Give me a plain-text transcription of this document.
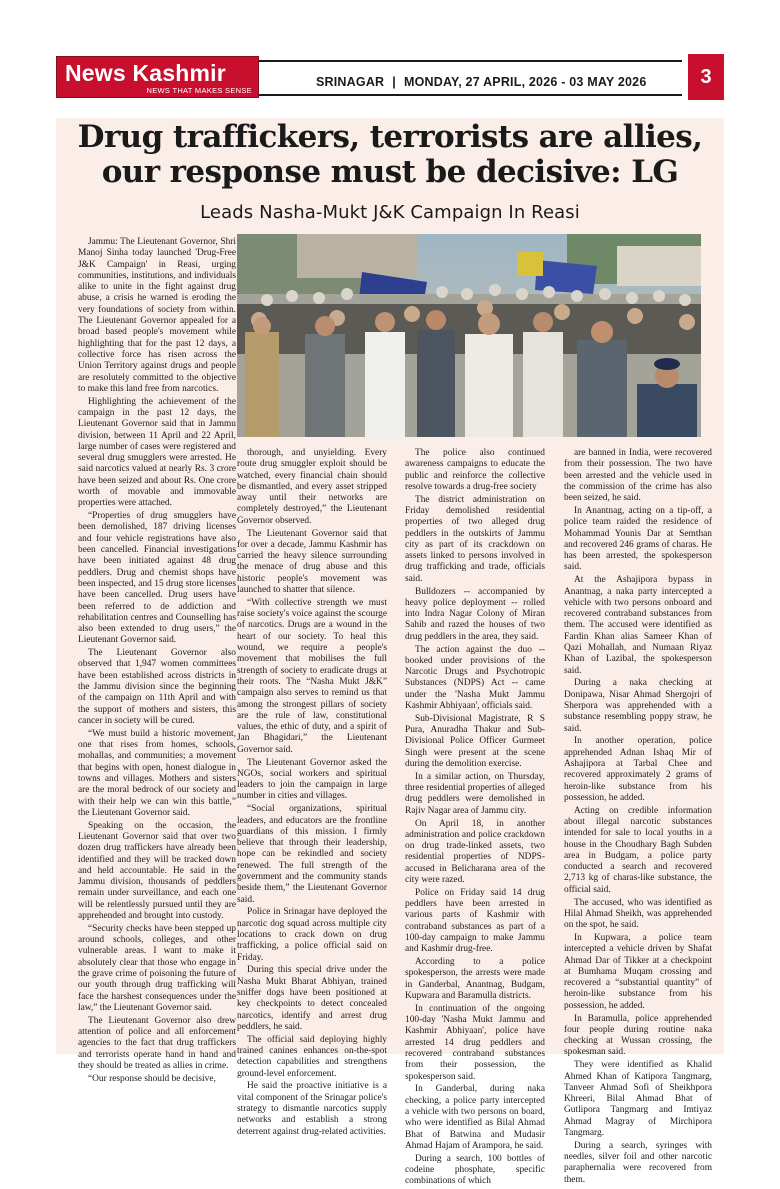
News Kashmir
NEWS THAT MAKES SENSE
SRINAGAR | MONDAY, 27 APRIL, 2026 - 03 MAY 2026	3
Drug traffickers, terrorists are allies, our response must be decisive: LG
Leads Nasha-Mukt J&K Campaign In Reasi

Jammu: The Lieutenant Governor, Shri Manoj Sinha today launched 'Drug-Free J&K Campaign' in Reasi, urging communities, institutions, and individuals alike to unite in the fight against drug abuse, a crisis he warned is eroding the very foundations of society from within. The Lieutenant Governor appealed for a broad based people's movement while highlighting that for the past 12 days, a collective force has risen across the Union Territory against drugs and people are resolutely committed to the objective to make this land free from narcotics.

Highlighting the achievement of the campaign in the past 12 days, the Lieutenant Governor said that in Jammu division, between 11 April and 22 April, large number of cases were registered and several drug smugglers were arrested. He said narcotics valued at nearly Rs. 3 crore have been seized and about Rs. One crore worth of movable and immovable properties were attached.

“Properties of drug smugglers have been demolished, 187 driving licenses and four vehicle registrations have also been cancelled. Financial investigations have been initiated against 48 drug peddlers. Drug and chemist shops have been inspected, and 15 drug store licenses have been cancelled. Drug users have been referred to de addiction and rehabilitation centres and Counselling has also been extended to drug users,” the Lieutenant Governor said.

The Lieutenant Governor also observed that 1,947 women committees have been established across districts in the Jammu division since the beginning of the campaign on 11th April and with the support of mothers and sisters, this cancer in society will be cured.

“We must build a historic movement, one that rises from homes, schools, mohallas, and communities; a movement that begins with open, honest dialogue in towns and villages. Mothers and sisters are the moral bedrock of our society and with their help we can win this battle,” the Lieutenant Governor said.

Speaking on the occasion, the Lieutenant Governor said that over two dozen drug traffickers have already been identified and they will be tracked down and held accountable. He said in the Jammu division, thousands of peddlers remain under surveillance, and each one will be relentlessly pursued until they are apprehended and brought into custody.

“Security checks have been stepped up around schools, colleges, and other vulnerable areas. I want to make it absolutely clear that those who engage in the grave crime of poisoning the future of our youth through drug trafficking will face the harshest consequences under the law,” the Lieutenant Governor said.

The Lieutenant Governor also drew attention of police and all enforcement agencies to the fact that drug traffickers and terrorists operate hand in hand and they should be treated as allies in crime.

“Our response should be decisive,

thorough, and unyielding. Every route drug smuggler exploit should be watched, every financial chain should be dismantled, and every asset stripped away until their networks are completely destroyed,” the Lieutenant Governor observed.

The Lieutenant Governor said that for over a decade, Jammu Kashmir has carried the heavy silence surrounding the menace of drug abuse and this historic people's movement was launched to shatter that silence.

“With collective strength we must raise society's voice against the scourge of narcotics. Drugs are a wound in the heart of our society. To heal this wound, we require a people's movement that mobilises the full strength of society to eradicate drugs at their roots. The “Nasha Mukt J&K” campaign also serves to remind us that among the strongest pillars of society are the rule of law, constitutional values, the ethic of duty, and a spirit of Jan Bhagidari,” the Lieutenant Governor said.

The Lieutenant Governor asked the NGOs, social workers and spiritual leaders to join the campaign in large number in cities and villages.

“Social organizations, spiritual leaders, and educators are the frontline guardians of this mission. I firmly believe that through their leadership, hope can be rekindled and society renewed. The full strength of the government and the community stands beside them,” the Lieutenant Governor said.

Police in Srinagar have deployed the narcotic dog squad across multiple city locations to crack down on drug trafficking, a police official said on Friday.

During this special drive under the Nasha Mukt Bharat Abhiyan, trained sniffer dogs have been positioned at key checkpoints to detect concealed narcotics, identify and arrest drug peddlers, he said.

The official said deploying highly trained canines enhances on-the-spot detection capabilities and strengthens ground-level enforcement.

He said the proactive initiative is a vital component of the Srinagar police's strategy to dismantle narcotics supply networks and establish a strong deterrent against drug-related activities.

The police also continued awareness campaigns to educate the public and reinforce the collective resolve towards a drug-free society

The district administration on Friday demolished residential properties of two alleged drug peddlers in the outskirts of Jammu city as part of its crackdown on assets linked to persons involved in drug trafficking and trade, officials said.

Bulldozers -- accompanied by heavy police deployment -- rolled into Indra Nagar Colony of Miran Sahib and razed the houses of two drug peddlers in the area, they said.

The action against the duo -- booked under provisions of the Narcotic Drugs and Psychotropic Substances (NDPS) Act -- came under the 'Nasha Mukt Jammu Kashmir Abhiyaan', officials said.

Sub-Divisional Magistrate, R S Pura, Anuradha Thakur and Sub-Divisional Police Officer Gurmeet Singh were present at the scene during the demolition exercise.

In a similar action, on Thursday, three residential properties of alleged drug peddlers were demolished in Rajiv Nagar area of Jammu city.

On April 18, in another administration and police crackdown on drug trade-linked assets, two residential properties of NDPS-accused in Belicharana area of the city were razed.

Police on Friday said 14 drug peddlers have been arrested in various parts of Kashmir with contraband substances as part of a 100-day campaign to make Jammu and Kashmir drug-free.

According to a police spokesperson, the arrests were made in Ganderbal, Anantnag, Budgam, Kupwara and Baramulla districts.

In continuation of the ongoing 100-day 'Nasha Mukt Jammu and Kashmir Abhiyaan', police have arrested 14 drug peddlers and recovered contraband substances from their possession, the spokesperson said.

In Ganderbal, during naka checking, a police party intercepted a vehicle with two persons on board, who were identified as Bilal Ahmad Bhat of Batwina and Mudasir Ahmad Hajam of Arampora, he said.

During a search, 100 bottles of codeine phosphate, specific combinations of which

are banned in India, were recovered from their possession. The two have been arrested and the vehicle used in the commission of the crime has also been seized, he said.

In Anantnag, acting on a tip-off, a police team raided the residence of Mohammad Younis Dar at Semthan and recovered 246 grams of charas. He has been arrested, the spokesperson said.

At the Ashajipora bypass in Anantnag, a naka party intercepted a vehicle with two persons onboard and recovered contraband substances from them. The accused were identified as Fardin Khan alias Sameer Khan of Qazi Mohallah, and Numaan Riyaz Khan of Lazibal, the spokesperson said.

During a naka checking at Donipawa, Nisar Ahmad Shergojri of Sherpora was apprehended with a substance resembling poppy straw, he said.

In another operation, police apprehended Adnan Ishaq Mir of Ashajipora at Tarbal Chee and recovered approximately 2 grams of heroin-like substance from his possession, he added.

Acting on credible information about illegal narcotic substances intended for sale to local youths in a house in the Choudhary Bagh Subden area in Budgam, a police party conducted a search and recovered 2,713 kg of charas-like substance, the official said.

The accused, who was identified as Hilal Ahmad Sheikh, was apprehended on the spot, he said.

In Kupwara, a police team intercepted a vehicle driven by Shafat Ahmad Dar of Tikker at a checkpoint at Bumhama Muqam crossing and recovered a “substantial quantity” of heroin-like substance from his possession, he added.

In Baramulla, police apprehended four people during routine naka checking at Wussan crossing, the spokesman said.

They were identified as Khalid Ahmed Khan of Katipora Tangmarg, Tanveer Ahmad Sofi of Sheikhpora Khreeri, Bilal Ahmad Bhat of Gutlipora Tangmarg and Imtiyaz Ahmad Magray of Mirchipora Tangmarg.

During a search, syringes with needles, silver foil and other narcotic paraphernalia were recovered from them.
